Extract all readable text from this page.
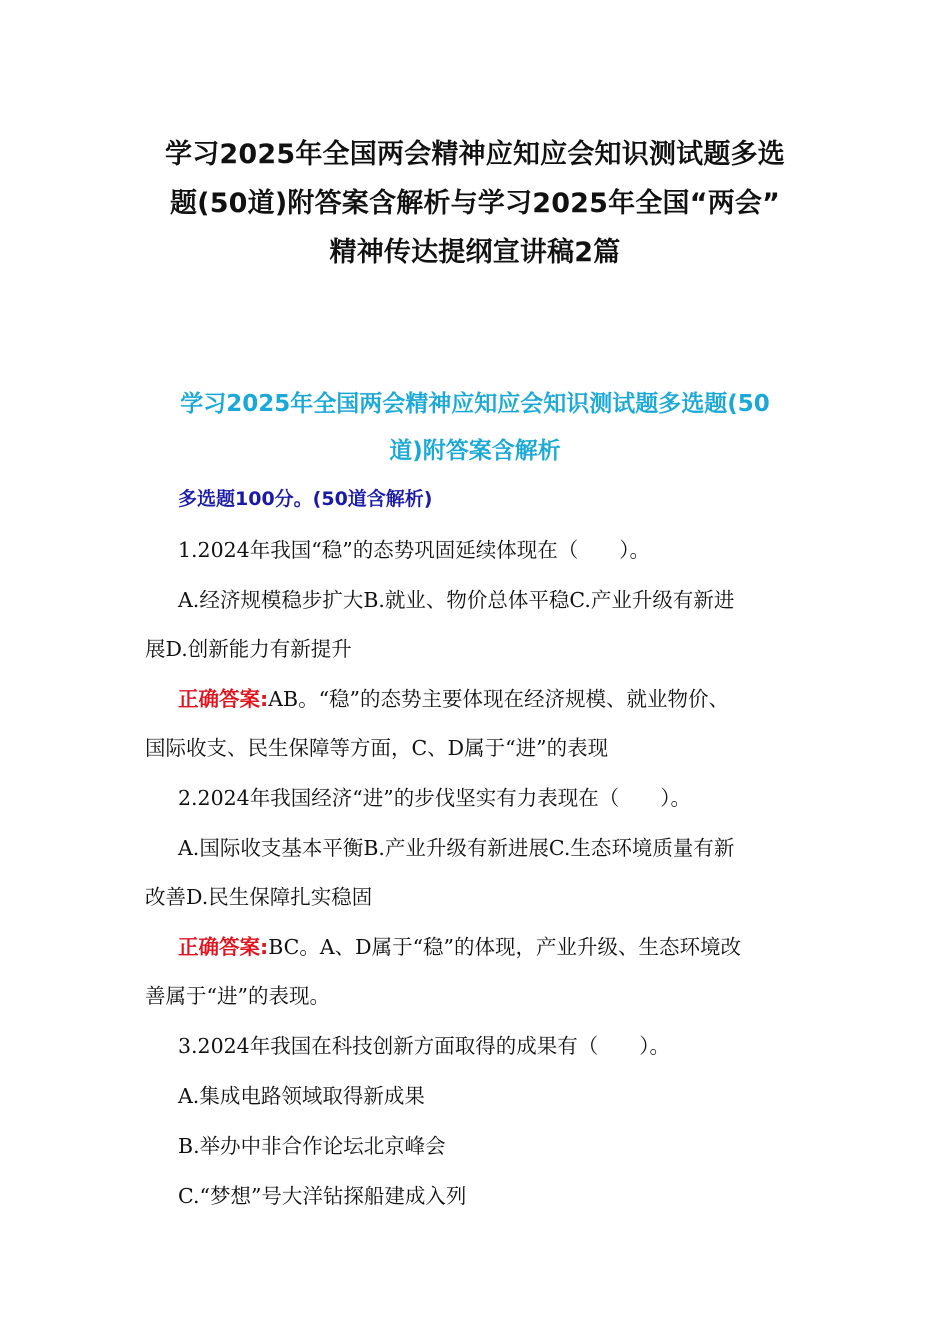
学习2025年全国两会精神应知应会知识测试题多选
题(50道)附答案含解析与学习2025年全国“两会”
精神传达提纲宣讲稿2篇
学习2025年全国两会精神应知应会知识测试题多选题(50
道)附答案含解析
多选题100分。(50道含解析)
1.2024年我国“稳”的态势巩固延续体现在（　　）。
A.经济规模稳步扩大B.就业、物价总体平稳C.产业升级有新进
展D.创新能力有新提升
正确答案:AB。“稳”的态势主要体现在经济规模、就业物价、
国际收支、民生保障等方面，C、D属于“进”的表现
2.2024年我国经济“进”的步伐坚实有力表现在（　　）。
A.国际收支基本平衡B.产业升级有新进展C.生态环境质量有新
改善D.民生保障扎实稳固
正确答案:BC。A、D属于“稳”的体现，产业升级、生态环境改
善属于“进”的表现。
3.2024年我国在科技创新方面取得的成果有（　　）。
A.集成电路领域取得新成果
B.举办中非合作论坛北京峰会
C.“梦想”号大洋钻探船建成入列
